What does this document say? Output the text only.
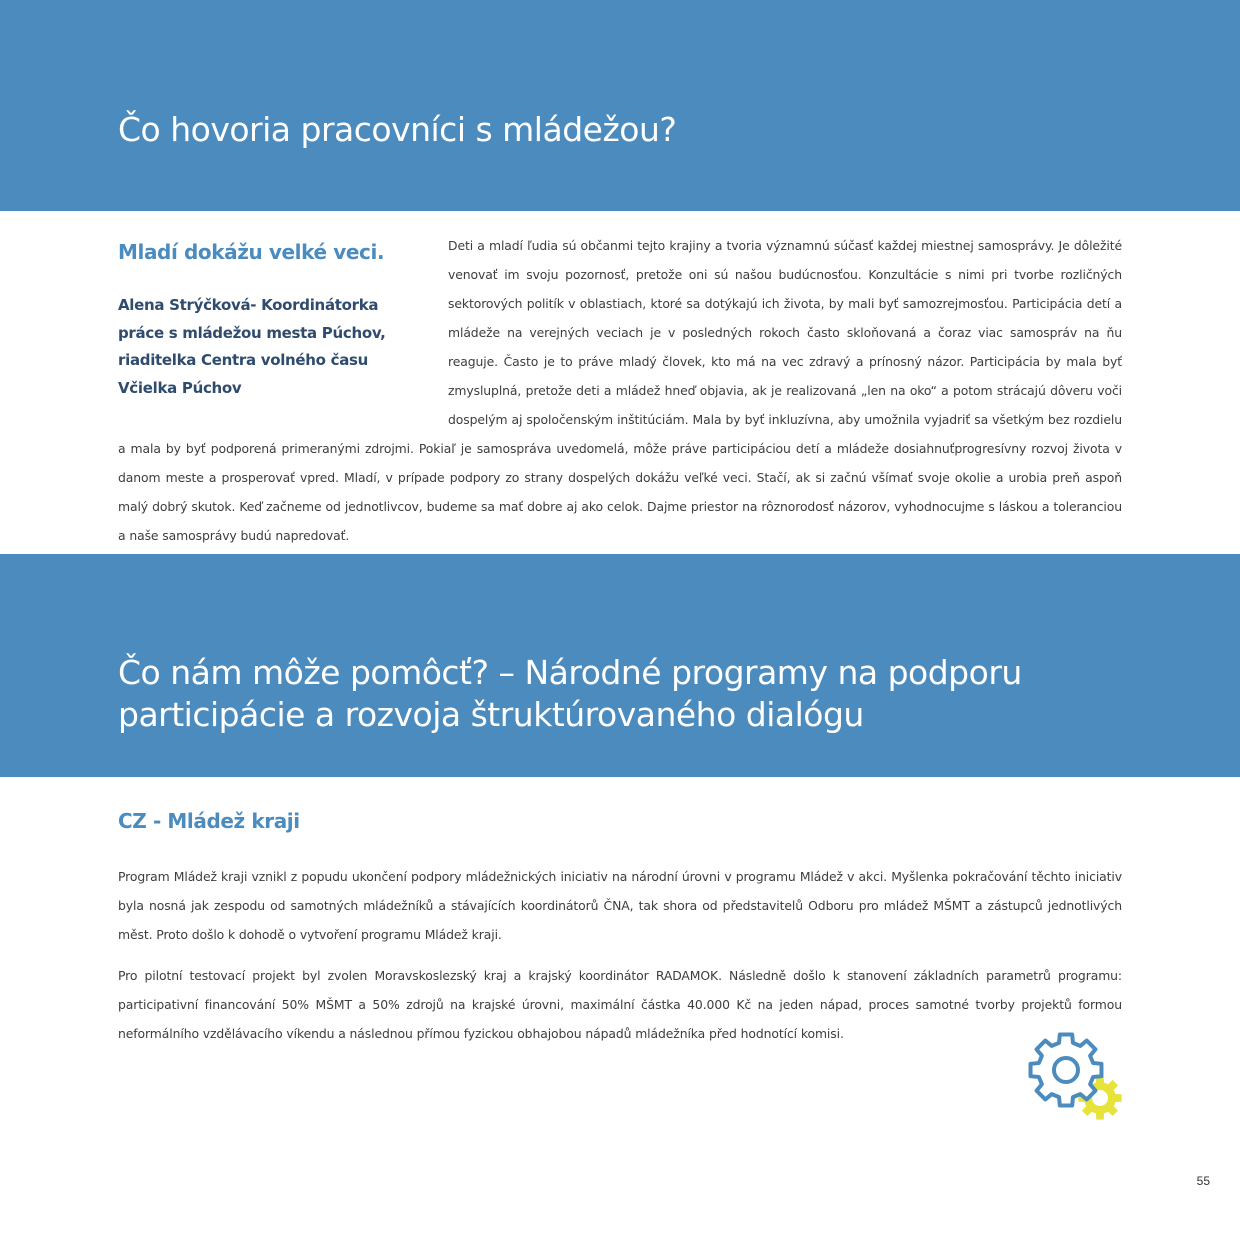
Čo hovoria pracovníci s mládežou?
Mladí dokážu velké veci.

Alena Strýčková- Koordinátorka práce s mládežou mesta Púchov, riaditelka Centra volného času Včielka Púchov

Deti a mladí ľudia sú občanmi tejto krajiny a tvoria významnú súčasť každej miestnej samosprávy. Je dôležité venovať im svoju pozornosť, pretože oni sú našou budúcnosťou. Konzultácie s nimi pri tvorbe rozličných sektorových politík v oblastiach, ktoré sa dotýkajú ich života, by mali byť samozrejmosťou. Participácia detí a mládeže na verejných veciach je v posledných rokoch často skloňovaná a čoraz viac samospráv na ňu reaguje. Často je to práve mladý človek, kto má na vec zdravý a prínosný názor. Participácia by mala byť zmysluplná, pretože deti a mládež hneď objavia, ak je realizovaná „len na oko“ a potom strácajú dôveru voči dospelým aj spoločenským inštitúciám. Mala by byť inkluzívna, aby umožnila vyjadriť sa všetkým bez rozdielu a mala by byť podporená primeranými zdrojmi. Pokiaľ je samospráva uvedomelá, môže práve participáciou detí a mládeže dosiahnuťprogresívny rozvoj života v danom meste a prosperovať vpred. Mladí, v prípade podpory zo strany dospelých dokážu veľké veci. Stačí, ak si začnú všímať svoje okolie a urobia preň aspoň malý dobrý skutok. Keď začneme od jednotlivcov, budeme sa mať dobre aj ako celok. Dajme priestor na rôznorodosť názorov, vyhodnocujme s láskou a toleranciou a naše samosprávy budú napredovať.

Čo nám môže pomôcť? – Národné programy na podporu
participácie a rozvoja štruktúrovaného dialógu
CZ - Mládež kraji

Program Mládež kraji vznikl z popudu ukončení podpory mládežnických iniciativ na národní úrovni v programu Mládež v akci. Myšlenka pokračování těchto iniciativ byla nosná jak zespodu od samotných mládežníků a stávajících koordinátorů ČNA, tak shora od představitelů Odboru pro mládež MŠMT a zástupců jednotlivých měst. Proto došlo k dohodě o vytvoření programu Mládež kraji.

Pro pilotní testovací projekt byl zvolen Moravskoslezský kraj a krajský koordinátor RADAMOK. Následně došlo k stanovení základních parametrů programu: participativní financování 50% MŠMT a 50% zdrojů na krajské úrovni, maximální částka 40.000 Kč na jeden nápad, proces samotné tvorby projektů formou neformálního vzdělávacího víkendu a následnou přímou fyzickou obhajobou nápadů mládežníka před hodnotící komisi.

55
